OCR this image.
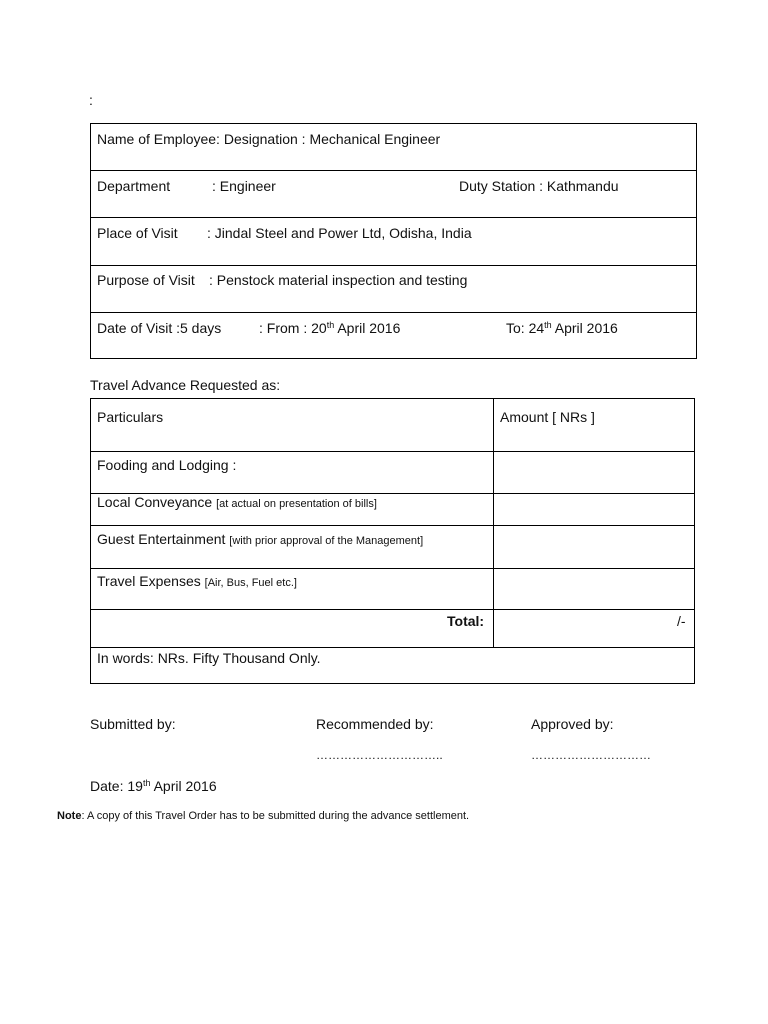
:
Name of Employee: Designation : Mechanical Engineer
Department	: Engineer	Duty Station : Kathmandu
Place of Visit : Jindal Steel and Power Ltd, Odisha, India
Purpose of Visit : Penstock material inspection and testing
Date of Visit :5 days	: From : 20th April 2016	To: 24th April 2016
Travel Advance Requested as:
Particulars	Amount [ NRs ]
Fooding and Lodging :
Local Conveyance [at actual on presentation of bills]
Guest Entertainment [with prior approval of the Management]
Travel Expenses [Air, Bus, Fuel etc.]
Total:	/-
In words: NRs. Fifty Thousand Only.
Submitted by:	Recommended by:	Approved by:
…………………………..	…………………………
Date: 19th April 2016
Note: A copy of this Travel Order has to be submitted during the advance settlement.
